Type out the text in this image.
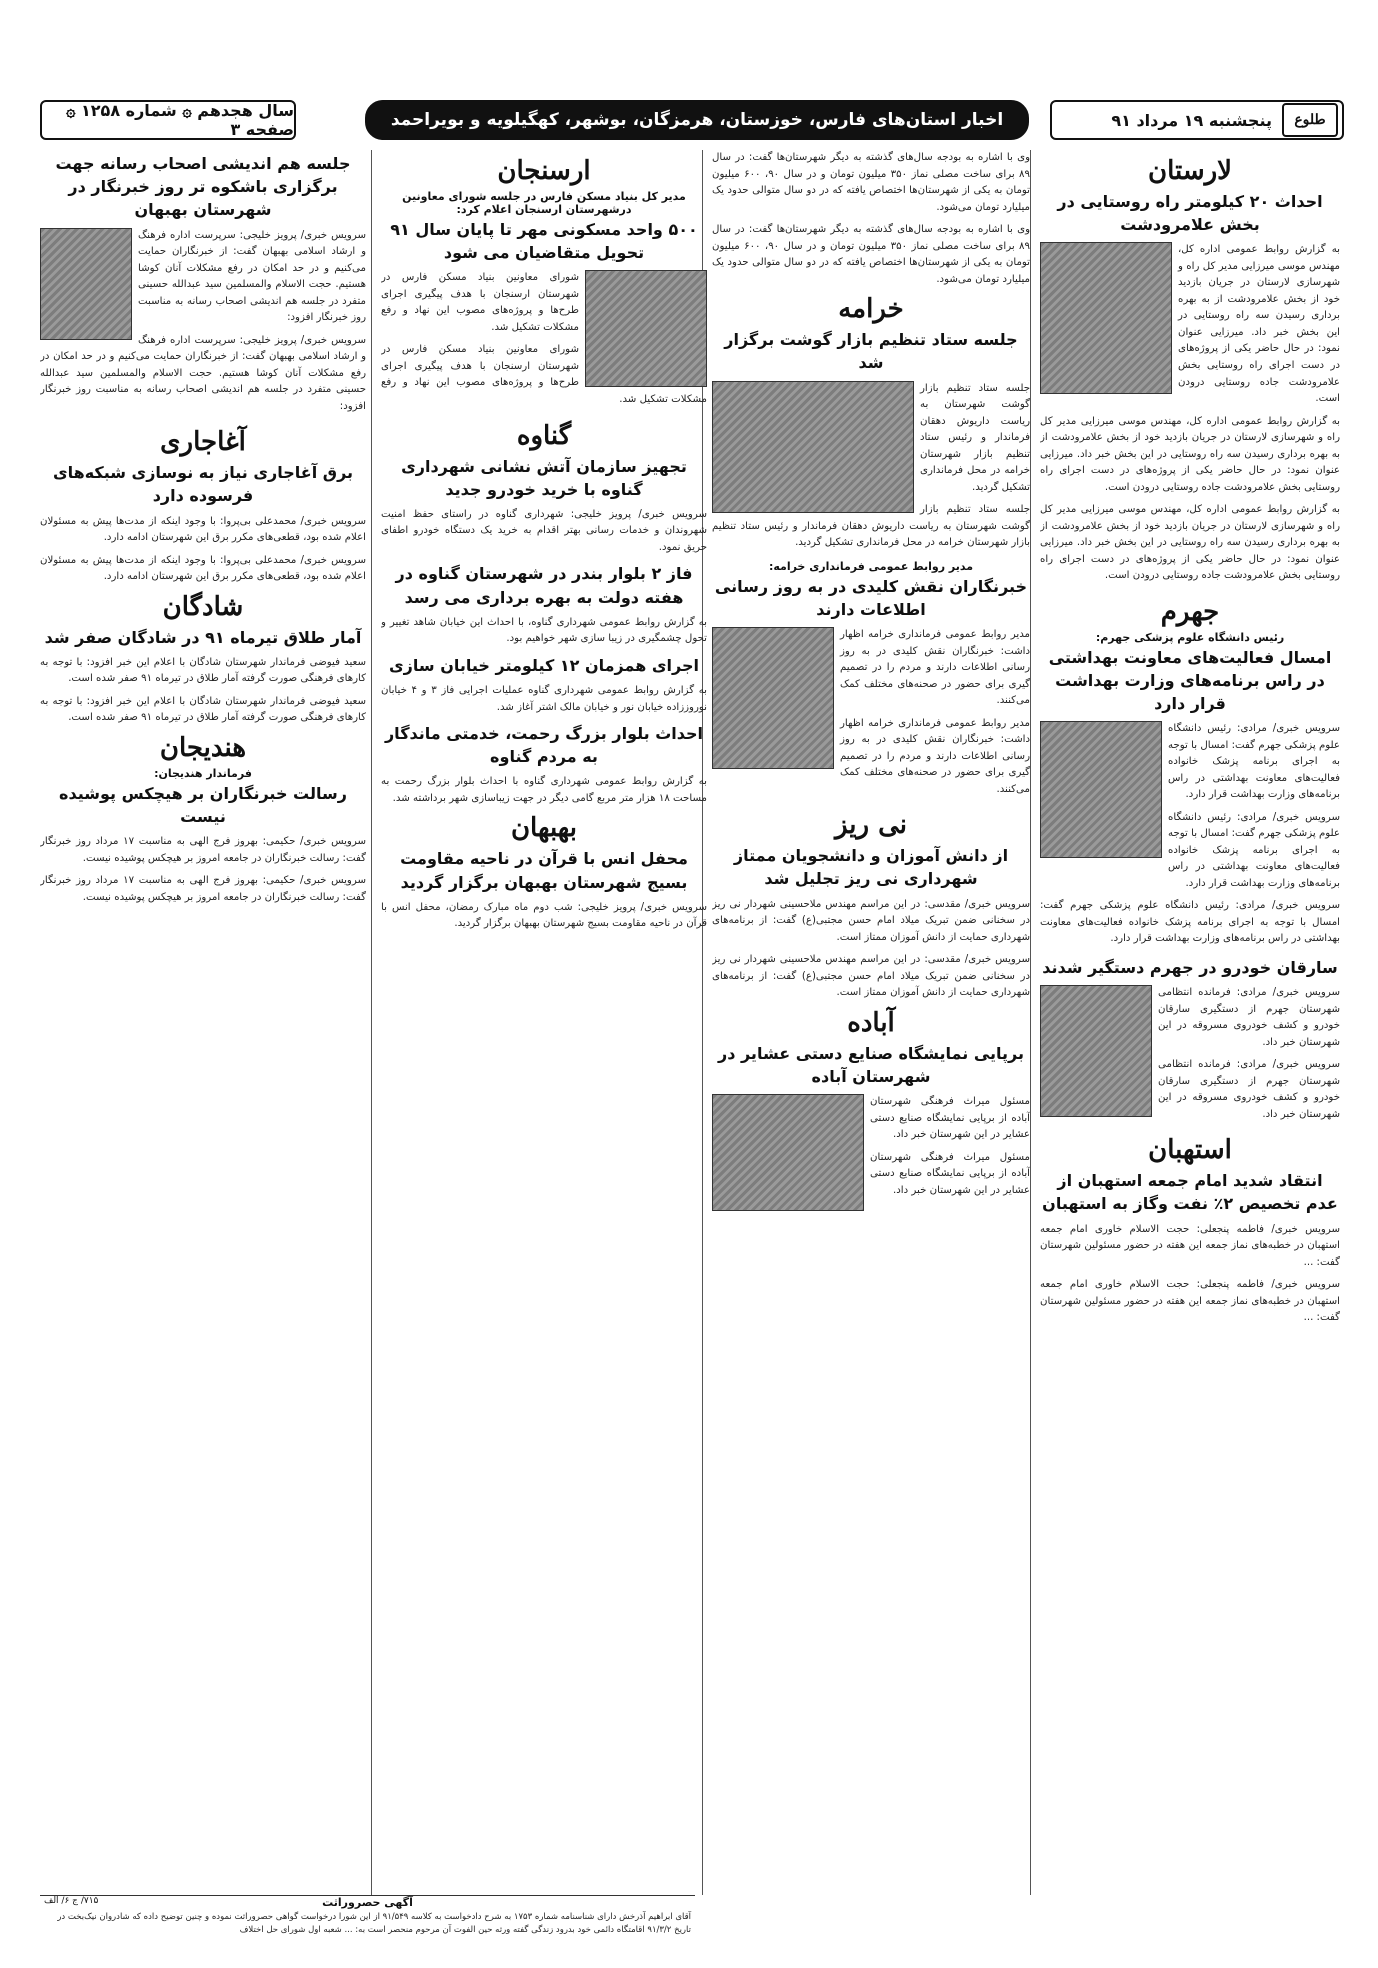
سال هجدهم ۞ شماره ۱۲۵۸ ۞ صفحه ۳	اخبار استان‌های فارس، خوزستان، هرمزگان، بوشهر، کهگیلویه و بویراحمد	طلوع
پنجشنبه ۱۹ مرداد ۹۱
لارستان
احداث ۲۰ کیلومتر راه روستایی در بخش علامرودشت

به گزارش روابط عمومی اداره کل، مهندس موسی میرزایی مدیر کل راه و شهرسازی لارستان در جریان بازدید خود از بخش علامرودشت از به بهره برداری رسیدن سه راه روستایی در این بخش خبر داد. میرزایی عنوان نمود: در حال حاضر یکی از پروژه‌های در دست اجرای راه روستایی بخش علامرودشت جاده روستایی درودن است.

به گزارش روابط عمومی اداره کل، مهندس موسی میرزایی مدیر کل راه و شهرسازی لارستان در جریان بازدید خود از بخش علامرودشت از به بهره برداری رسیدن سه راه روستایی در این بخش خبر داد. میرزایی عنوان نمود: در حال حاضر یکی از پروژه‌های در دست اجرای راه روستایی بخش علامرودشت جاده روستایی درودن است.

به گزارش روابط عمومی اداره کل، مهندس موسی میرزایی مدیر کل راه و شهرسازی لارستان در جریان بازدید خود از بخش علامرودشت از به بهره برداری رسیدن سه راه روستایی در این بخش خبر داد. میرزایی عنوان نمود: در حال حاضر یکی از پروژه‌های در دست اجرای راه روستایی بخش علامرودشت جاده روستایی درودن است.

جهرم
رئیس دانشگاه علوم پزشکی جهرم:
امسال فعالیت‌های معاونت بهداشتی در راس برنامه‌های وزارت بهداشت قرار دارد

سرویس خبری/ مرادی: رئیس دانشگاه علوم پزشکی جهرم گفت: امسال با توجه به اجرای برنامه پزشک خانواده فعالیت‌های معاونت بهداشتی در راس برنامه‌های وزارت بهداشت قرار دارد.

سرویس خبری/ مرادی: رئیس دانشگاه علوم پزشکی جهرم گفت: امسال با توجه به اجرای برنامه پزشک خانواده فعالیت‌های معاونت بهداشتی در راس برنامه‌های وزارت بهداشت قرار دارد.

سرویس خبری/ مرادی: رئیس دانشگاه علوم پزشکی جهرم گفت: امسال با توجه به اجرای برنامه پزشک خانواده فعالیت‌های معاونت بهداشتی در راس برنامه‌های وزارت بهداشت قرار دارد.

سارقان خودرو در جهرم دستگیر شدند

سرویس خبری/ مرادی: فرمانده انتظامی شهرستان جهرم از دستگیری سارقان خودرو و کشف خودروی مسروقه در این شهرستان خبر داد.

سرویس خبری/ مرادی: فرمانده انتظامی شهرستان جهرم از دستگیری سارقان خودرو و کشف خودروی مسروقه در این شهرستان خبر داد.

استهبان
انتقاد شدید امام جمعه استهبان از عدم تخصیص ۲٪ نفت وگاز به استهبان

سرویس خبری/ فاطمه پنجعلی: حجت الاسلام خاوری امام جمعه استهبان در خطبه‌های نماز جمعه این هفته در حضور مسئولین شهرستان گفت: ...

سرویس خبری/ فاطمه پنجعلی: حجت الاسلام خاوری امام جمعه استهبان در خطبه‌های نماز جمعه این هفته در حضور مسئولین شهرستان گفت: ...

وی با اشاره به بودجه سال‌های گذشته به دیگر شهرستان‌ها گفت: در سال ۸۹ برای ساخت مصلی نماز ۳۵۰ میلیون تومان و در سال ۹۰، ۶۰۰ میلیون تومان به یکی از شهرستان‌ها اختصاص یافته که در دو سال متوالی حدود یک میلیارد تومان می‌شود.

وی با اشاره به بودجه سال‌های گذشته به دیگر شهرستان‌ها گفت: در سال ۸۹ برای ساخت مصلی نماز ۳۵۰ میلیون تومان و در سال ۹۰، ۶۰۰ میلیون تومان به یکی از شهرستان‌ها اختصاص یافته که در دو سال متوالی حدود یک میلیارد تومان می‌شود.

خرامه
جلسه ستاد تنظیم بازار گوشت برگزار شد

جلسه ستاد تنظیم بازار گوشت شهرستان به ریاست داریوش دهقان فرماندار و رئیس ستاد تنظیم بازار شهرستان خرامه در محل فرمانداری تشکیل گردید.

جلسه ستاد تنظیم بازار گوشت شهرستان به ریاست داریوش دهقان فرماندار و رئیس ستاد تنظیم بازار شهرستان خرامه در محل فرمانداری تشکیل گردید.

مدیر روابط عمومی فرمانداری خرامه:
خبرنگاران نقش کلیدی در به روز رسانی اطلاعات دارند

مدیر روابط عمومی فرمانداری خرامه اظهار داشت: خبرنگاران نقش کلیدی در به روز رسانی اطلاعات دارند و مردم را در تصمیم گیری برای حضور در صحنه‌های مختلف کمک می‌کنند.

مدیر روابط عمومی فرمانداری خرامه اظهار داشت: خبرنگاران نقش کلیدی در به روز رسانی اطلاعات دارند و مردم را در تصمیم گیری برای حضور در صحنه‌های مختلف کمک می‌کنند.

نی ریز
از دانش آموزان و دانشجویان ممتاز شهرداری نی ریز تجلیل شد

سرویس خبری/ مقدسی: در این مراسم مهندس ملاحسینی شهردار نی ریز در سخنانی ضمن تبریک میلاد امام حسن مجتبی(ع) گفت: از برنامه‌های شهرداری حمایت از دانش آموزان ممتاز است.

سرویس خبری/ مقدسی: در این مراسم مهندس ملاحسینی شهردار نی ریز در سخنانی ضمن تبریک میلاد امام حسن مجتبی(ع) گفت: از برنامه‌های شهرداری حمایت از دانش آموزان ممتاز است.

آباده
برپایی نمایشگاه صنایع دستی عشایر در شهرستان آباده

مسئول میراث فرهنگی شهرستان آباده از برپایی نمایشگاه صنایع دستی عشایر در این شهرستان خبر داد.

مسئول میراث فرهنگی شهرستان آباده از برپایی نمایشگاه صنایع دستی عشایر در این شهرستان خبر داد.

ارسنجان
مدیر کل بنیاد مسکن فارس در جلسه شورای معاونین درشهرستان ارسنجان اعلام کرد:
۵۰۰ واحد مسکونی مهر تا پایان سال ۹۱ تحویل متقاضیان می شود

شورای معاونین بنیاد مسکن فارس در شهرستان ارسنجان با هدف پیگیری اجرای طرح‌ها و پروژه‌های مصوب این نهاد و رفع مشکلات تشکیل شد.

شورای معاونین بنیاد مسکن فارس در شهرستان ارسنجان با هدف پیگیری اجرای طرح‌ها و پروژه‌های مصوب این نهاد و رفع مشکلات تشکیل شد.

گناوه
تجهیز سازمان آتش نشانی شهرداری گناوه با خرید خودرو جدید

سرویس خبری/ پرویز خلیجی: شهرداری گناوه در راستای حفظ امنیت شهروندان و خدمات رسانی بهتر اقدام به خرید یک دستگاه خودرو اطفای حریق نمود.

فاز ۲ بلوار بندر در شهرستان گناوه در هفته دولت به بهره برداری می رسد

به گزارش روابط عمومی شهرداری گناوه، با احداث این خیابان شاهد تغییر و تحول چشمگیری در زیبا سازی شهر خواهیم بود.

اجرای همزمان ۱۲ کیلومتر خیابان سازی

به گزارش روابط عمومی شهرداری گناوه عملیات اجرایی فاز ۳ و ۴ خیابان نوروززاده خیابان نور و خیابان مالک اشتر آغاز شد.

احداث بلوار بزرگ رحمت، خدمتی ماندگار به مردم گناوه

به گزارش روابط عمومی شهرداری گناوه با احداث بلوار بزرگ رحمت به مساحت ۱۸ هزار متر مربع گامی دیگر در جهت زیباسازی شهر برداشته شد.

بهبهان
محفل انس با قرآن در ناحیه مقاومت بسیج شهرستان بهبهان برگزار گردید

سرویس خبری/ پرویز خلیجی: شب دوم ماه مبارک رمضان، محفل انس با قرآن در ناحیه مقاومت بسیج شهرستان بهبهان برگزار گردید.

جلسه هم اندیشی اصحاب رسانه جهت برگزاری باشکوه تر روز خبرنگار در شهرستان بهبهان

سرویس خبری/ پرویز خلیجی: سرپرست اداره فرهنگ و ارشاد اسلامی بهبهان گفت: از خبرنگاران حمایت می‌کنیم و در حد امکان در رفع مشکلات آنان کوشا هستیم. حجت الاسلام والمسلمین سید عبدالله حسینی متفرد در جلسه هم اندیشی اصحاب رسانه به مناسبت روز خبرنگار افزود:

سرویس خبری/ پرویز خلیجی: سرپرست اداره فرهنگ و ارشاد اسلامی بهبهان گفت: از خبرنگاران حمایت می‌کنیم و در حد امکان در رفع مشکلات آنان کوشا هستیم. حجت الاسلام والمسلمین سید عبدالله حسینی متفرد در جلسه هم اندیشی اصحاب رسانه به مناسبت روز خبرنگار افزود:

آغاجاری
برق آغاجاری نیاز به نوسازی شبکه‌های فرسوده دارد

سرویس خبری/ محمدعلی بی‌پروا: با وجود اینکه از مدت‌ها پیش به مسئولان اعلام شده بود، قطعی‌های مکرر برق این شهرستان ادامه دارد.

سرویس خبری/ محمدعلی بی‌پروا: با وجود اینکه از مدت‌ها پیش به مسئولان اعلام شده بود، قطعی‌های مکرر برق این شهرستان ادامه دارد.

شادگان
آمار طلاق تیرماه ۹۱ در شادگان صفر شد

سعید فیوضی فرماندار شهرستان شادگان با اعلام این خبر افزود: با توجه به کارهای فرهنگی صورت گرفته آمار طلاق در تیرماه ۹۱ صفر شده است.

سعید فیوضی فرماندار شهرستان شادگان با اعلام این خبر افزود: با توجه به کارهای فرهنگی صورت گرفته آمار طلاق در تیرماه ۹۱ صفر شده است.

هندیجان
فرماندار هندیجان:
رسالت خبرنگاران بر هیچکس پوشیده نیست

سرویس خبری/ حکیمی: بهروز فرج الهی به مناسبت ۱۷ مرداد روز خبرنگار گفت: رسالت خبرنگاران در جامعه امروز بر هیچکس پوشیده نیست.

سرویس خبری/ حکیمی: بهروز فرج الهی به مناسبت ۱۷ مرداد روز خبرنگار گفت: رسالت خبرنگاران در جامعه امروز بر هیچکس پوشیده نیست.

آگهی حصروراثت
۷۱۵/ ج ۶/ الف
آقای ابراهیم آذرخش دارای شناسنامه شماره ۱۷۵۳ به شرح دادخواست به کلاسه ۹۱/۵۴۹ از این شورا درخواست گواهی حصروراثت نموده و چنین توضیح داده که شادروان نیک‌بخت در تاریخ ۹۱/۳/۲ اقامتگاه دائمی خود بدرود زندگی گفته ورثه حین الفوت آن مرحوم منحصر است به: ... شعبه اول شورای حل اختلاف
